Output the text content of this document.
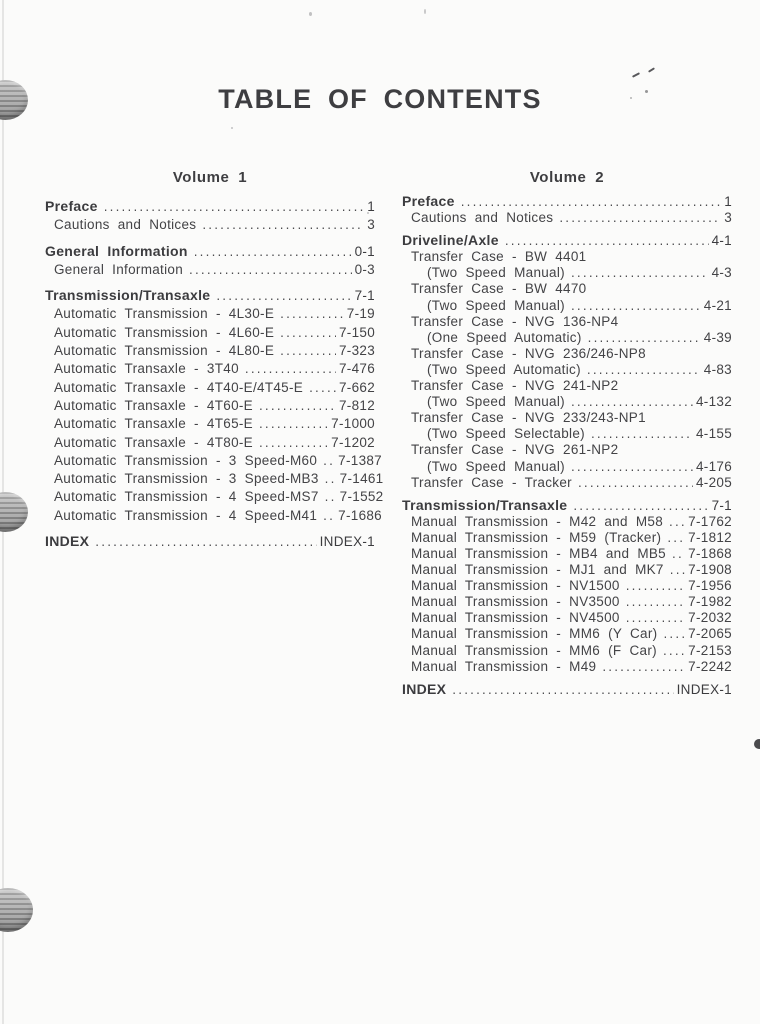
TABLE OF CONTENTS
Volume 1
Preface .....	1
Cautions and Notices .....	3
General Information .....	0-1
General Information .....	0-3
Transmission/Transaxle .....	7-1
Automatic Transmission - 4L30-E .....	7-19
Automatic Transmission - 4L60-E .....	7-150
Automatic Transmission - 4L80-E .....	7-323
Automatic Transaxle - 3T40 .....	7-476
Automatic Transaxle - 4T40-E/4T45-E .....	7-662
Automatic Transaxle - 4T60-E .....	7-812
Automatic Transaxle - 4T65-E .....	7-1000
Automatic Transaxle - 4T80-E .....	7-1202
Automatic Transmission - 3 Speed-M60 ..... 7-1387
Automatic Transmission - 3 Speed-MB3 ..... 7-1461
Automatic Transmission - 4 Speed-MS7 ..... 7-1552
Automatic Transmission - 4 Speed-M41 ..... 7-1686
INDEX .....	INDEX-1
Volume 2
Preface .....	1
Cautions and Notices .....	3
Driveline/Axle .....	4-1
Transfer Case - BW 4401
(Two Speed Manual) .....	4-3
Transfer Case - BW 4470
(Two Speed Manual) .....	4-21
Transfer Case - NVG 136-NP4
(One Speed Automatic) .....	4-39
Transfer Case - NVG 236/246-NP8
(Two Speed Automatic) .....	4-83
Transfer Case - NVG 241-NP2
(Two Speed Manual) .....	4-132
Transfer Case - NVG 233/243-NP1
(Two Speed Selectable) .....	4-155
Transfer Case - NVG 261-NP2
(Two Speed Manual) .....	4-176
Transfer Case - Tracker .....	4-205
Transmission/Transaxle .....	7-1
Manual Transmission - M42 and M58 ..... 7-1762
Manual Transmission - M59 (Tracker) ..... 7-1812
Manual Transmission - MB4 and MB5 ..... 7-1868
Manual Transmission - MJ1 and MK7 ..... 7-1908
Manual Transmission - NV1500 .....	7-1956
Manual Transmission - NV3500 .....	7-1982
Manual Transmission - NV4500 .....	7-2032
Manual Transmission - MM6 (Y Car) ..... 7-2065
Manual Transmission - MM6 (F Car) ..... 7-2153
Manual Transmission - M49 .....	7-2242
INDEX .....	INDEX-1
